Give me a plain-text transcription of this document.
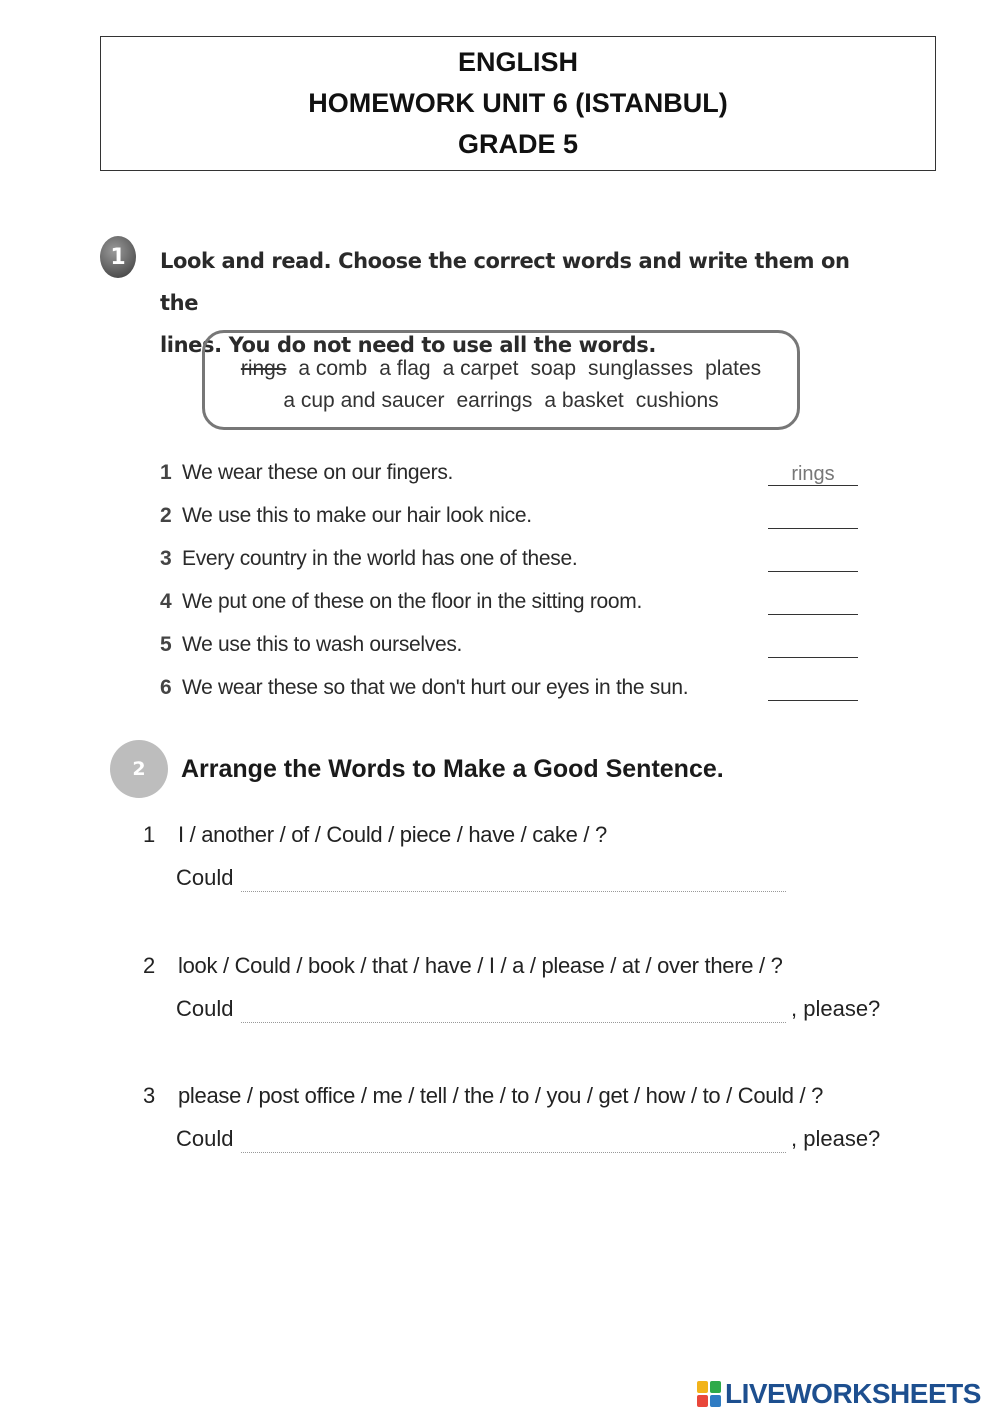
ENGLISH
HOMEWORK UNIT 6 (ISTANBUL)
GRADE 5
1	Look and read. Choose the correct words and write them on the
lines. You do not need to use all the words.
rings a comb a flag a carpet soap sunglasses plates
a cup and saucer earrings a basket cushions
1 We wear these on our fingers.	rings
2 We use this to make our hair look nice.
3 Every country in the world has one of these.
4 We put one of these on the floor in the sitting room.
5 We use this to wash ourselves.
6 We wear these so that we don't hurt our eyes in the sun.
2	Arrange the Words to Make a Good Sentence.
1 I / another / of / Could / piece / have / cake / ?
Could
2 look / Could / book / that / have / I / a / please / at / over there / ?
Could	, please?
3 please / post office / me / tell / the / to / you / get / how / to / Could / ?
Could	, please?
LIVEWORKSHEETS
